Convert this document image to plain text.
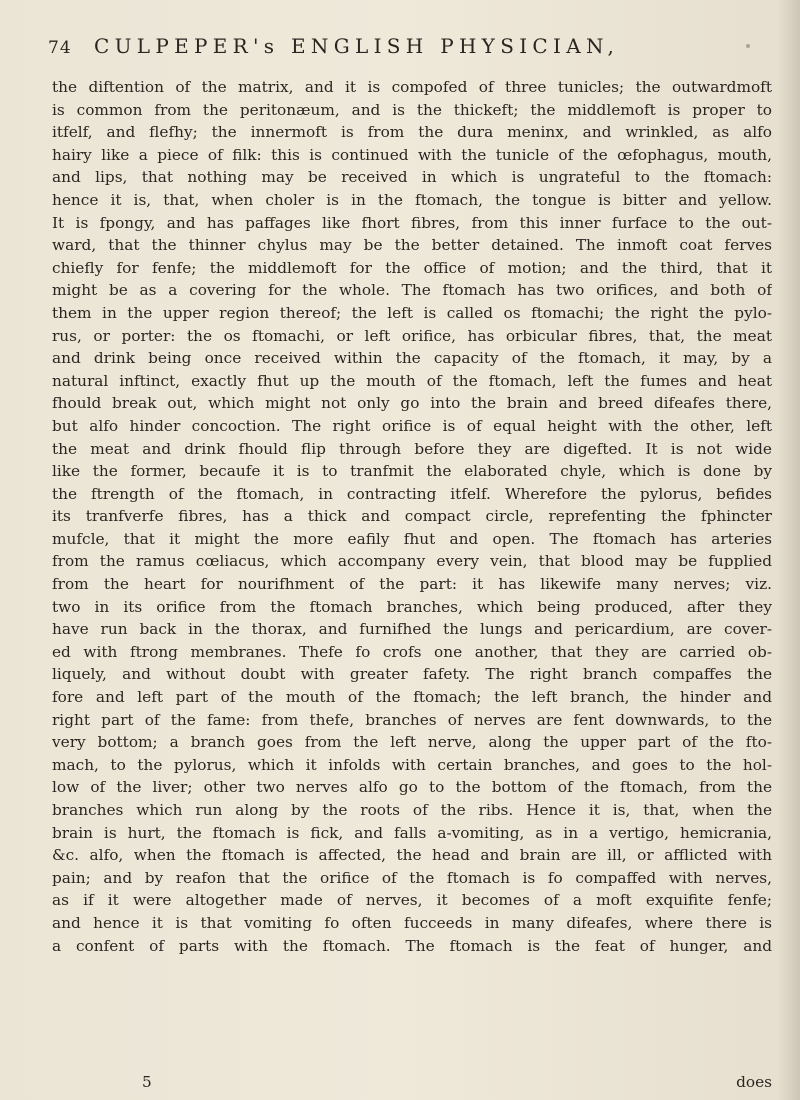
74	CULPEPER's ENGLISH PHYSICIAN,
the diftention of the matrix, and it is compofed of three tunicles; the outwardmoft
is common from the peritonæum, and is the thickeft; the middlemoft is proper to
itfelf, and flefhy; the innermoft is from the dura meninx, and wrinkled, as alfo
hairy like a piece of filk: this is continued with the tunicle of the œfophagus, mouth,
and lips, that nothing may be received in which is ungrateful to the ftomach:
hence it is, that, when choler is in the ftomach, the tongue is bitter and yellow.
It is fpongy, and has paffages like fhort fibres, from this inner furface to the out-
ward, that the thinner chylus may be the better detained. The inmoft coat ferves
chiefly for fenfe; the middlemoft for the office of motion; and the third, that it
might be as a covering for the whole. The ftomach has two orifices, and both of
them in the upper region thereof; the left is called os ftomachi; the right the pylo-
rus, or porter: the os ftomachi, or left orifice, has orbicular fibres, that, the meat
and drink being once received within the capacity of the ftomach, it may, by a
natural inftinct, exactly fhut up the mouth of the ftomach, left the fumes and heat
fhould break out, which might not only go into the brain and breed difeafes there,
but alfo hinder concoction. The right orifice is of equal height with the other, left
the meat and drink fhould flip through before they are digefted. It is not wide
like the former, becaufe it is to tranfmit the elaborated chyle, which is done by
the ftrength of the ftomach, in contracting itfelf. Wherefore the pylorus, befides
its tranfverfe fibres, has a thick and compact circle, reprefenting the fphincter
mufcle, that it might the more eafily fhut and open. The ftomach has arteries
from the ramus cœliacus, which accompany every vein, that blood may be fupplied
from the heart for nourifhment of the part: it has likewife many nerves; viz.
two in its orifice from the ftomach branches, which being produced, after they
have run back in the thorax, and furnifhed the lungs and pericardium, are cover-
ed with ftrong membranes. Thefe fo crofs one another, that they are carried ob-
liquely, and without doubt with greater fafety. The right branch compaffes the
fore and left part of the mouth of the ftomach; the left branch, the hinder and
right part of the fame: from thefe, branches of nerves are fent downwards, to the
very bottom; a branch goes from the left nerve, along the upper part of the fto-
mach, to the pylorus, which it infolds with certain branches, and goes to the hol-
low of the liver; other two nerves alfo go to the bottom of the ftomach, from the
branches which run along by the roots of the ribs. Hence it is, that, when the
brain is hurt, the ftomach is fick, and falls a-vomiting, as in a vertigo, hemicrania,
&c. alfo, when the ftomach is affected, the head and brain are ill, or afflicted with
pain; and by reafon that the orifice of the ftomach is fo compaffed with nerves,
as if it were altogether made of nerves, it becomes of a moft exquifite fenfe;
and hence it is that vomiting fo often fucceeds in many difeafes, where there is
a confent of parts with the ftomach. The ftomach is the feat of hunger, and
5	does
